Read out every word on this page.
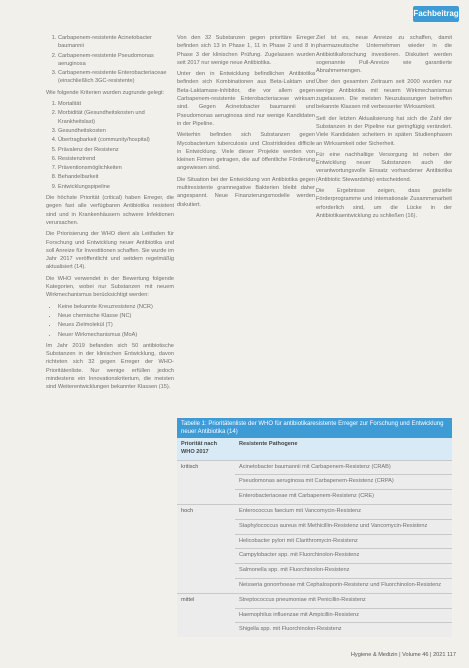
Fachbeitrag
1. Carbapenem-resistente Acinetobacter baumannii
2. Carbapenem-resistente Pseudomonas aeruginosa
3. Carbapenem-resistente Enterobacteriaceae (einschließlich 3GC-resistente)

Wie folgende Kriterien wurden zugrunde gelegt:

1. Mortalität
2. Morbidität (Gesundheitskosten und Krankheitslast)
3. Gesundheitskosten
4. Übertragbarkeit (community/hospital)
5. Prävalenz der Resistenz
6. Resistenztrend
7. Präventionsmöglichkeiten
8. Behandelbarkeit
9. Entwicklungspipeline

Die höchste Priorität (critical) haben Erreger, die gegen fast alle verfügbaren Antibiotika resistent sind und in Krankenhäusern schwere Infektionen verursachen.

Die Priorisierung der WHO dient als Leitfaden für Forschung und Entwicklung neuer Antibiotika und soll Anreize für Investitionen schaffen. Sie wurde im Jahr 2017 veröffentlicht und seitdem regelmäßig aktualisiert (14).

Die WHO verwendet in der Bewertung folgende Kategorien, wobei nur Substanzen mit neuem Wirkmechanismus berücksichtigt werden:

• Keine bekannte Kreuzresistenz (NCR)
• Neue chemische Klasse (NC)
• Neues Zielmolekül (T)
• Neuer Wirkmechanismus (MoA)

Im Jahr 2019 befanden sich 50 antibiotische Substanzen in der klinischen Entwicklung, davon richteten sich 32 gegen Erreger der WHO-Prioritätenliste. Nur wenige erfüllen jedoch mindestens ein Innovationskriterium, die meisten sind Weiterentwicklungen bekannter Klassen (15).

Von den 32 Substanzen gegen prioritäre Erreger befinden sich 13 in Phase 1, 11 in Phase 2 und 8 in Phase 3 der klinischen Prüfung. Zugelassen wurden seit 2017 nur wenige neue Antibiotika.

Unter den in Entwicklung befindlichen Antibiotika befinden sich Kombinationen aus Beta-Laktam und Beta-Laktamase-Inhibitor, die vor allem gegen Carbapenem-resistente Enterobacteriaceae wirksam sind. Gegen Acinetobacter baumannii und Pseudomonas aeruginosa sind nur wenige Kandidaten in der Pipeline.

Weiterhin befinden sich Substanzen gegen Mycobacterium tuberculosis und Clostridioides difficile in Entwicklung. Viele dieser Projekte werden von kleinen Firmen getragen, die auf öffentliche Förderung angewiesen sind.

Die Situation bei der Entwicklung von Antibiotika gegen multiresistente gramnegative Bakterien bleibt daher angespannt. Neue Finanzierungsmodelle werden diskutiert.

Ziel ist es, neue Anreize zu schaffen, damit pharmazeutische Unternehmen wieder in die Antibiotikaforschung investieren. Diskutiert werden sogenannte Pull-Anreize wie garantierte Abnahmemengen.

Über den gesamten Zeitraum seit 2000 wurden nur wenige Antibiotika mit neuem Wirkmechanismus zugelassen. Die meisten Neuzulassungen betreffen bekannte Klassen mit verbesserter Wirksamkeit.

Seit der letzten Aktualisierung hat sich die Zahl der Substanzen in der Pipeline nur geringfügig verändert. Viele Kandidaten scheitern in späten Studienphasen an Wirksamkeit oder Sicherheit.

Für eine nachhaltige Versorgung ist neben der Entwicklung neuer Substanzen auch der verantwortungsvolle Einsatz vorhandener Antibiotika (Antibiotic Stewardship) entscheidend.

Die Ergebnisse zeigen, dass gezielte Förderprogramme und internationale Zusammenarbeit erforderlich sind, um die Lücke in der Antibiotikaentwicklung zu schließen (16).

Tabelle 1: Prioritätenliste der WHO für antibiotikaresistente Erreger zur Forschung und Entwicklung neuer Antibiotika (14)
Priorität nach WHO 2017	Resistente Pathogene
kritisch	Acinetobacter baumannii mit Carbapenem-Resistenz (CRAB)
	Pseudomonas aeruginosa mit Carbapenem-Resistenz (CRPA)
	Enterobacteriaceae mit Carbapenem-Resistenz (CRE)
hoch	Enterococcus faecium mit Vancomycin-Resistenz
	Staphylococcus aureus mit Methicillin-Resistenz und Vancomycin-Resistenz
	Helicobacter pylori mit Clarithromycin-Resistenz
	Campylobacter spp. mit Fluorchinolon-Resistenz
	Salmonella spp. mit Fluorchinolon-Resistenz
	Neisseria gonorrhoeae mit Cephalosporin-Resistenz und Fluorchinolon-Resistenz
mittel	Streptococcus pneumoniae mit Penicillin-Resistenz
	Haemophilus influenzae mit Ampicillin-Resistenz
	Shigella spp. mit Fluorchinolon-Resistenz
Hygiene & Medizin | Volume 46 | 2021 117
